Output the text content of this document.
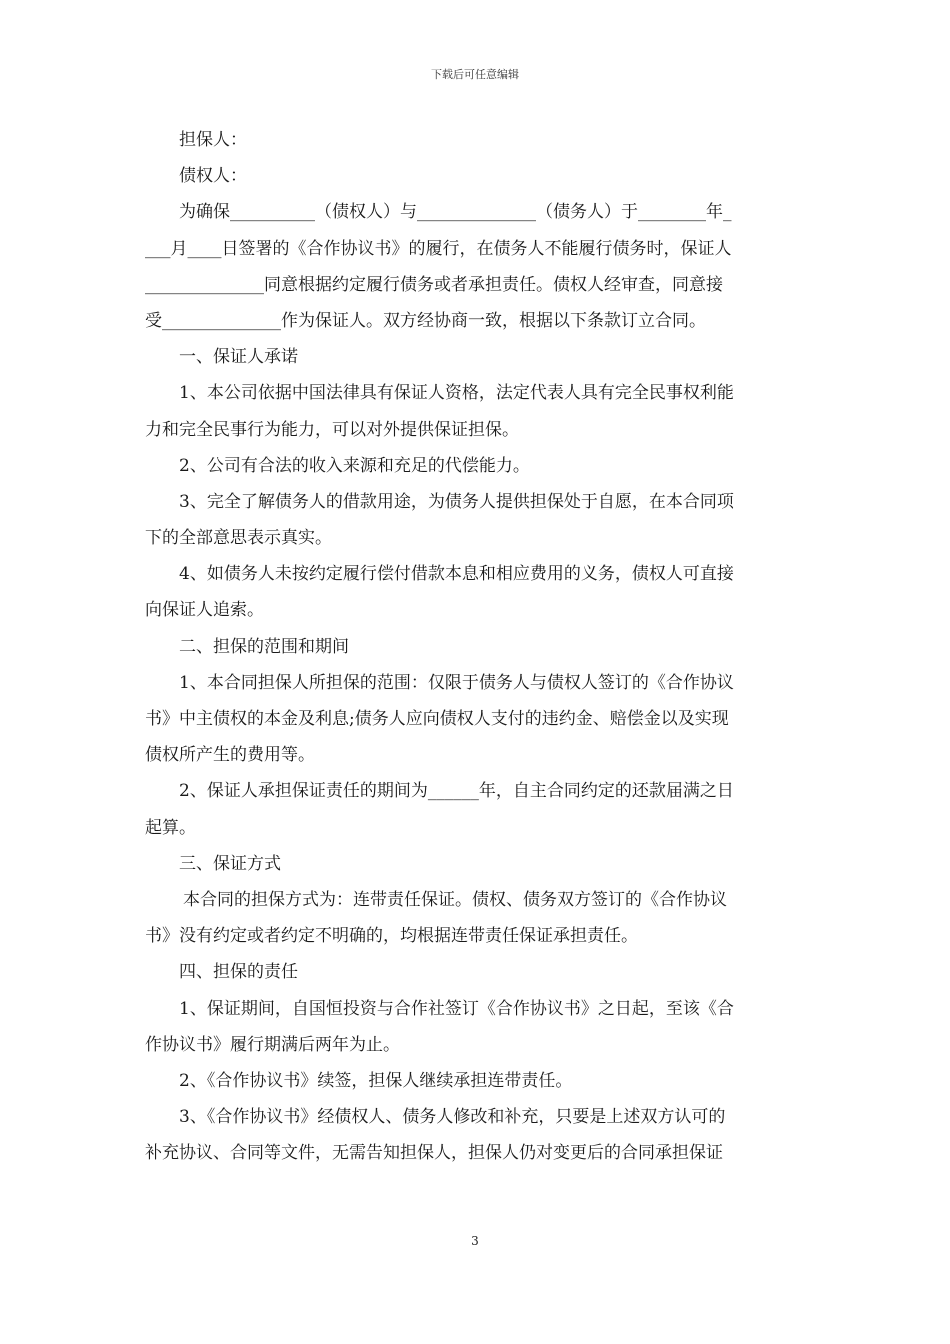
下载后可任意编辑
担保人：
债权人：
为确保__________（债权人）与______________（债务人）于________年_
___月____日签署的《合作协议书》的履行，在债务人不能履行债务时，保证人
______________同意根据约定履行债务或者承担责任。债权人经审查，同意接
受______________作为保证人。双方经协商一致，根据以下条款订立合同。
一、保证人承诺
1、本公司依据中国法律具有保证人资格，法定代表人具有完全民事权利能
力和完全民事行为能力，可以对外提供保证担保。
2、公司有合法的收入来源和充足的代偿能力。
3、完全了解债务人的借款用途，为债务人提供担保处于自愿，在本合同项
下的全部意思表示真实。
4、如债务人未按约定履行偿付借款本息和相应费用的义务，债权人可直接
向保证人追索。
二、担保的范围和期间
1、本合同担保人所担保的范围：仅限于债务人与债权人签订的《合作协议
书》中主债权的本金及利息;债务人应向债权人支付的违约金、赔偿金以及实现
债权所产生的费用等。
2、保证人承担保证责任的期间为______年，自主合同约定的还款届满之日
起算。
三、保证方式
本合同的担保方式为：连带责任保证。债权、债务双方签订的《合作协议
书》没有约定或者约定不明确的，均根据连带责任保证承担责任。
四、担保的责任
1、保证期间，自国恒投资与合作社签订《合作协议书》之日起，至该《合
作协议书》履行期满后两年为止。
2、《合作协议书》续签，担保人继续承担连带责任。
3、《合作协议书》经债权人、债务人修改和补充，只要是上述双方认可的
补充协议、合同等文件，无需告知担保人，担保人仍对变更后的合同承担保证
3
